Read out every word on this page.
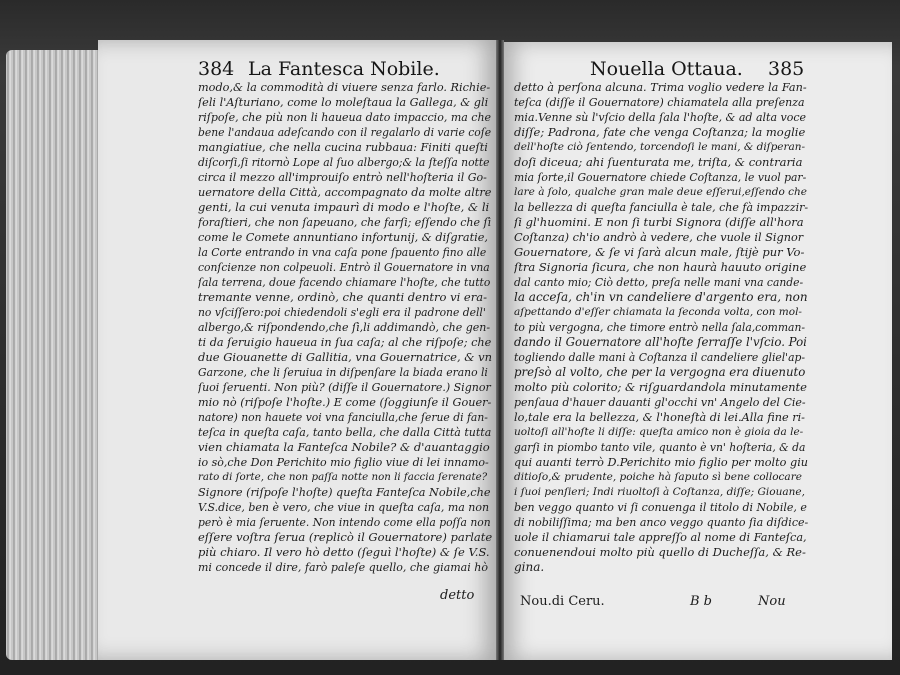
384 La Fantesca Nobile.	Nouella Ottaua. 385
modo,& la commodità di viuere senza farlo. Richie-
ſeli l'Aſturiano, come lo moleſtaua la Gallega, & gli
riſpoſe, che più non li haueua dato impaccio, ma che
bene l'andaua adeſcando con il regalarlo di varie coſe
mangiatiue, che nella cucina rubbaua: Finiti queſti
diſcorſi,ſi ritornò Lope al ſuo albergo;& la ſteſſa notte
circa il mezzo all'improuiſo entrò nell'hoſteria il Go-
uernatore della Città, accompagnato da molte altre
genti, la cui venuta impaurì di modo e l'hoſte, & li
foraſtieri, che non ſapeuano, che farſi; eſſendo che ſì
come le Comete annuntiano infortunij, & diſgratie,
la Corte entrando in vna caſa pone ſpauento fino alle
conſcienze non colpeuoli. Entrò il Gouernatore in vna
ſala terrena, doue facendo chiamare l'hoſte, che tutto
tremante venne, ordinò, che quanti dentro vi era-
no vſciſſero:poi chiedendoli s'egli era il padrone dell'
albergo,& riſpondendo,che ſì,li addimandò, che gen-
ti da ſeruigio haueua in ſua caſa; al che riſpoſe; che
due Giouanette di Gallitia, vna Gouernatrice, & vn
Garzone, che li ſeruiua in diſpenſare la biada erano li
ſuoi ſeruenti. Non più? (diſſe il Gouernatore.) Signor
mio nò (riſpoſe l'hoſte.) E come (ſoggiunſe il Gouer-
natore) non hauete voi vna fanciulla,che ſerue di fan-
teſca in queſta caſa, tanto bella, che dalla Città tutta
vien chiamata la Fanteſca Nobile? & d'auantaggio
io sò,che Don Perichito mio figlio viue di lei innamo-
rato di ſorte, che non paſſa notte non li faccia ſerenate?
Signore (riſpoſe l'hoſte) queſta Fanteſca Nobile,che
V.S.dice, ben è vero, che viue in queſta caſa, ma non
però è mia ſeruente. Non intendo come ella poſſa non
eſſere voſtra ſerua (replicò il Gouernatore) parlate
più chiaro. Il vero hò detto (ſeguì l'hoſte) & ſe V.S.
mi concede il dire, farò paleſe quello, che giamai hò
detto
detto à perſona alcuna. Trima voglio vedere la Fan-
teſca (diſſe il Gouernatore) chiamatela alla preſenza
mia.Venne sù l'vſcio della ſala l'hoſte, & ad alta voce
diſſe; Padrona, fate che venga Coſtanza; la moglie
dell'hoſte ciò ſentendo, torcendoſi le mani, & diſperan-
doſi diceua; ahi ſuenturata me, triſta, & contraria
mia ſorte,il Gouernatore chiede Coſtanza, le vuol par-
lare à ſolo, qualche gran male deue eſſerui,eſſendo che
la bellezza di queſta fanciulla è tale, che fà impazzir-
ſi gl'huomini. E non ſi turbi Signora (diſſe all'hora
Coſtanza) ch'io andrò à vedere, che vuole il Signor
Gouernatore, & ſe vi ſarà alcun male, ſtijè pur Vo-
ſtra Signoria ſicura, che non haurà hauuto origine
dal canto mio; Ciò detto, preſa nelle mani vna cande-
la acceſa, ch'in vn candeliere d'argento era, non
aſpettando d'eſſer chiamata la ſeconda volta, con mol-
to più vergogna, che timore entrò nella ſala,comman-
dando il Gouernatore all'hoſte ſerraſſe l'vſcio. Poi
togliendo dalle mani à Coſtanza il candeliere gliel'ap-
preſsò al volto, che per la vergogna era diuenuto
molto più colorito; & riſguardandola minutamente
penſaua d'hauer dauanti gl'occhi vn' Angelo del Cie-
lo,tale era la bellezza, & l'honeſtà di lei.Alla fine ri-
uoltoſi all'hoſte li diſſe: queſta amico non è gioia da le-
garſi in piombo tanto vile, quanto è vn' hoſteria, & da
qui auanti terrò D.Perichito mio figlio per molto giu
ditioſo,& prudente, poiche hà ſaputo sì bene collocare
i ſuoi penſieri; Indi riuoltoſi à Coſtanza, diſſe; Giouane,
ben veggo quanto vi ſi conuenga il titolo di Nobile, e
di nobiliſſima; ma ben anco veggo quanto ſia diſdice-
uole il chiamarui tale appreſſo al nome di Fanteſca,
conuenendoui molto più quello di Ducheſſa, & Re-
gina.
Nou.di Ceru.	B b	Nou
